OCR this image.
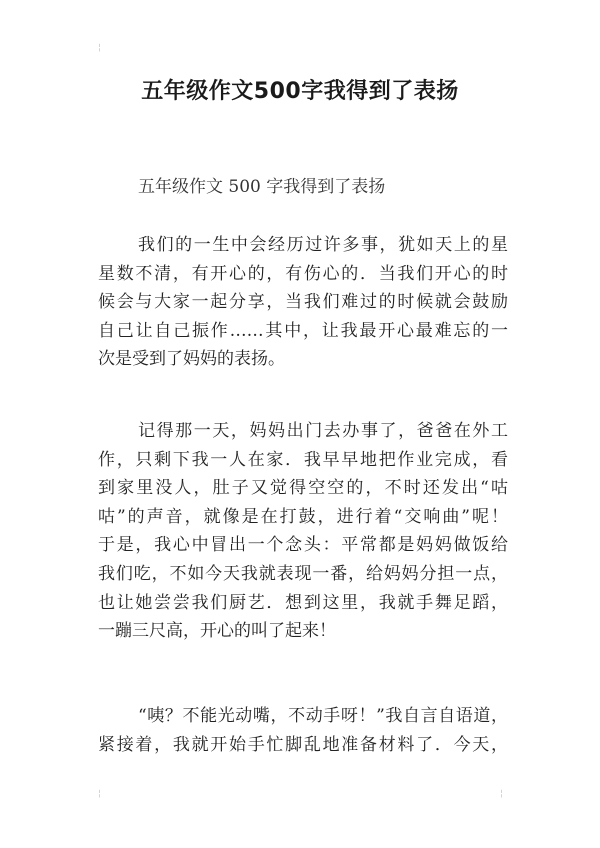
¦
¦	¦
五年级作文500字我得到了表扬
五年级作文 500 字我得到了表扬

我们的一生中会经历过许多事，犹如天上的星
星数不清，有开心的，有伤心的．当我们开心的时
候会与大家一起分享，当我们难过的时候就会鼓励
自己让自己振作……其中，让我最开心最难忘的一
次是受到了妈妈的表扬。

记得那一天，妈妈出门去办事了，爸爸在外工
作，只剩下我一人在家．我早早地把作业完成，看
到家里没人，肚子又觉得空空的，不时还发出“咕
咕”的声音，就像是在打鼓，进行着“交响曲”呢！
于是，我心中冒出一个念头：平常都是妈妈做饭给
我们吃，不如今天我就表现一番，给妈妈分担一点，
也让她尝尝我们厨艺．想到这里，我就手舞足蹈，
一蹦三尺高，开心的叫了起来！

“咦？不能光动嘴，不动手呀！”我自言自语道，
紧接着，我就开始手忙脚乱地准备材料了．今天，
